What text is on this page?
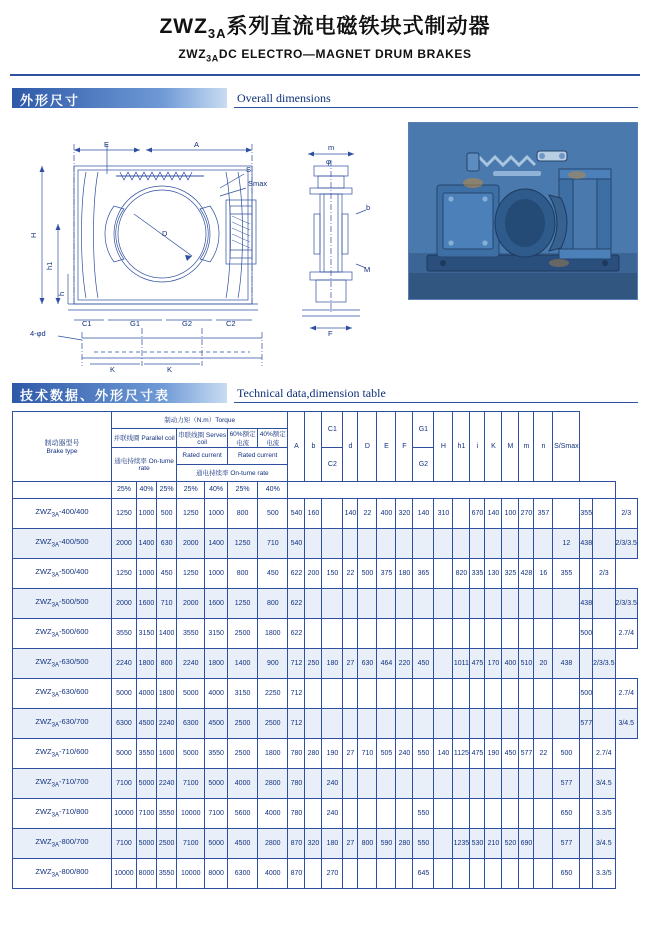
$ZWZ_{3A}$系列直流电磁铁块式制动器
$ZWZ_{3A}DC$ ELECTRO—MAGNET DRUM BRAKES
外形尺寸	Overall dimensions
E	A
H
h1
h
C1	G1	G2	C2
K	K
4-φd
D
S
Smax
m
φ
b
M
F
技术数据、外形尺寸表	Technical data,dimension table
制动器型号
Brake type	制动力矩（N.m）Torque							A	b	C1	d	D	E	F	G1	H	h1	i	K	M	m	n	S/Smax			
	并联线圈 Parallel coil			串联线圈 Serves coil		60%额定电流	40%额定电流																			
	通电持续率 On-tume rate			Rated current		Rated current				C2					G2											
				通电持续率 On-tume rate																						
	25%	40%	25%	25%	40%	25%	40%																			
$ZWZ_{3A}-400/400$	1250	1000	500	1250	1000	800	500	540	160		140	22	400	320	140	310		670	140	100	270	357		355		2/3
$ZWZ_{3A}-400/500$	2000	1400	630	2000	1400	1250	710	540															12	438		2/3/3.5
$ZWZ_{3A}-500/400$	1250	1000	450	1250	1000	800	450	622	200	150	22	500	375	180	365		820	335	130	325	428	16	355		2/3	
$ZWZ_{3A}-500/500$	2000	1600	710	2000	1600	1250	800	622																438		2/3/3.5
$ZWZ_{3A}-500/600$	3550	3150	1400	3550	3150	2500	1800	622																500		2.7/4
$ZWZ_{3A}-630/500$	2240	1800	800	2240	1800	1400	900	712	250	180	27	630	464	220	450		1011	475	170	400	510	20	438		2/3/3.5	
$ZWZ_{3A}-630/600$	5000	4000	1800	5000	4000	3150	2250	712																500		2.7/4
$ZWZ_{3A}-630/700$	6300	4500	2240	6300	4500	2500	2500	712																577		3/4.5
$ZWZ_{3A}-710/600$	5000	3550	1600	5000	3550	2500	1800	780	280	190	27	710	505	240	550	140	1125	475	190	450	577	22	500		2.7/4	
$ZWZ_{3A}-710/700$	7100	5000	2240	7100	5000	4000	2800	780		240													577		3/4.5	
$ZWZ_{3A}-710/800$	10000	7100	3550	10000	7100	5600	4000	780		240					550								650		3.3/5	
$ZWZ_{3A}-800/700$	7100	5000	2500	7100	5000	4500	2800	870	320	180	27	800	590	280	550		1235	530	210	520	690		577		3/4.5	
$ZWZ_{3A}-800/800$	10000	8000	3550	10000	8000	6300	4000	870		270					645								650		3.3/5	
